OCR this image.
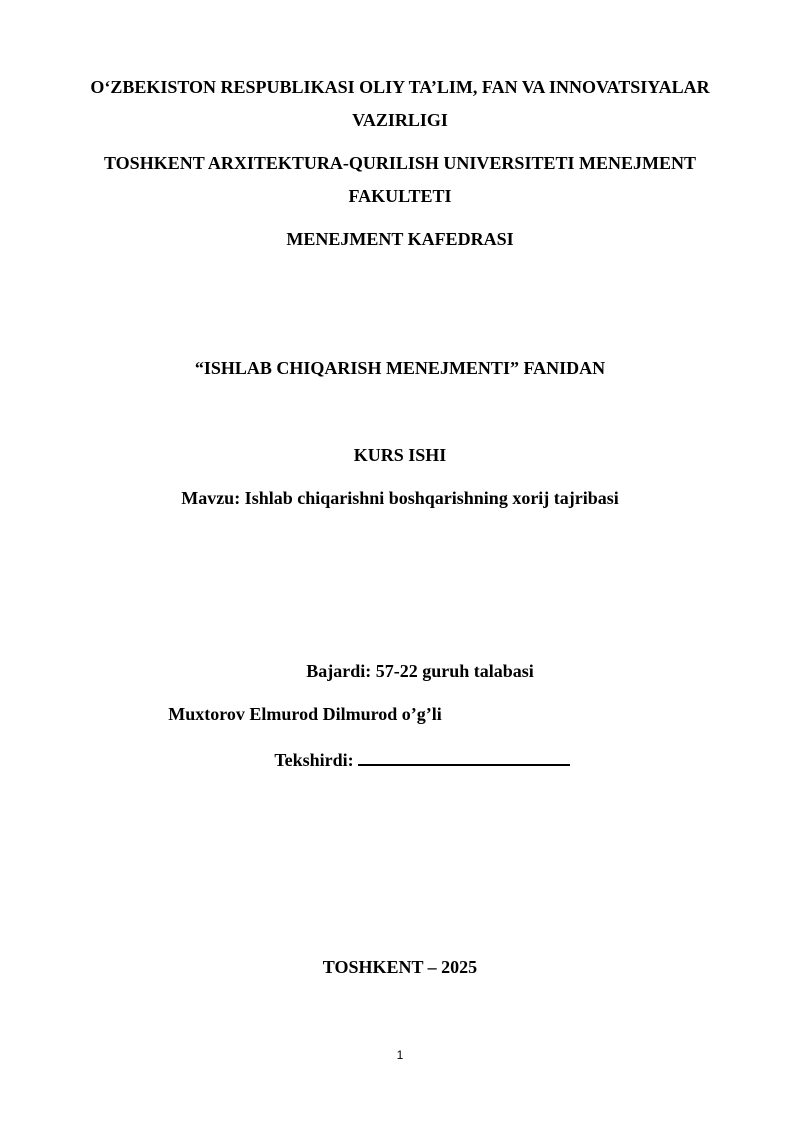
O‘ZBEKISTON RESPUBLIKASI OLIY TA’LIM, FAN VA INNOVATSIYALAR
VAZIRLIGI
TOSHKENT ARXITEKTURA-QURILISH UNIVERSITETI MENEJMENT
FAKULTETI
MENEJMENT KAFEDRASI
“ISHLAB CHIQARISH MENEJMENTI” FANIDAN
KURS ISHI
Mavzu: Ishlab chiqarishni boshqarishning xorij tajribasi
Bajardi: 57-22 guruh talabasi
Muxtorov Elmurod Dilmurod o’g’li
Tekshirdi:
TOSHKENT – 2025
1
